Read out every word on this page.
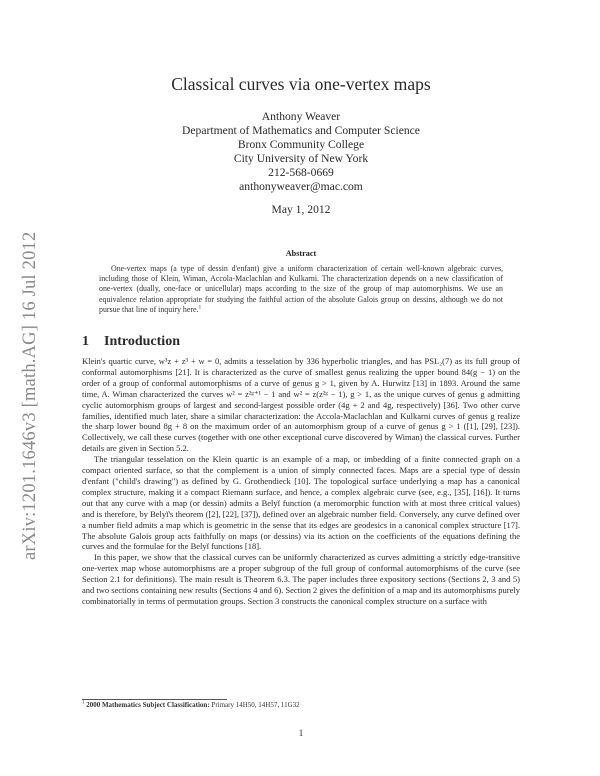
arXiv:1201.1646v3 [math.AG] 16 Jul 2012
Classical curves via one-vertex maps
Anthony Weaver
Department of Mathematics and Computer Science
Bronx Community College
City University of New York
212-568-0669
anthonyweaver@mac.com
May 1, 2012
Abstract

One-vertex maps (a type of dessin d'enfant) give a uniform characterization of certain well-known algebraic curves, including those of Klein, Wiman, Accola-Maclachlan and Kulkarni. The characterization depends on a new classification of one-vertex (dually, one-face or unicellular) maps according to the size of the group of map automorphisms. We use an equivalence relation appropriate for studying the faithful action of the absolute Galois group on dessins, although we do not pursue that line of inquiry here.$^1$

1 Introduction

Klein's quartic curve, w³z + z³ + w = 0, admits a tesselation by 336 hyperbolic triangles, and has PSL₂(7) as its full group of conformal automorphisms [21]. It is characterized as the curve of smallest genus realizing the upper bound 84(g − 1) on the order of a group of conformal automorphisms of a curve of genus g > 1, given by A. Hurwitz [13] in 1893. Around the same time, A. Wiman characterized the curves w² = z²ᵍ⁺¹ − 1 and w² = z(z²ᵍ − 1), g > 1, as the unique curves of genus g admitting cyclic automorphism groups of largest and second-largest possible order (4g + 2 and 4g, respectively) [36]. Two other curve families, identified much later, share a similar characterization: the Accola-Maclachlan and Kulkarni curves of genus g realize the sharp lower bound 8g + 8 on the maximum order of an automorphism group of a curve of genus g > 1 ([1], [29], [23]). Collectively, we call these curves (together with one other exceptional curve discovered by Wiman) the classical curves. Further details are given in Section 5.2.

The triangular tesselation on the Klein quartic is an example of a map, or imbedding of a finite connected graph on a compact oriented surface, so that the complement is a union of simply connected faces. Maps are a special type of dessin d'enfant ("child's drawing") as defined by G. Grothendieck [10]. The topological surface underlying a map has a canonical complex structure, making it a compact Riemann surface, and hence, a complex algebraic curve (see, e.g., [35], [16]). It turns out that any curve with a map (or dessin) admits a Belyĭ function (a meromorphic function with at most three critical values) and is therefore, by Belyĭ's theorem ([2], [22], [37]), defined over an algebraic number field. Conversely, any curve defined over a number field admits a map which is geometric in the sense that its edges are geodesics in a canonical complex structure [17]. The absolute Galois group acts faithfully on maps (or dessins) via its action on the coefficients of the equations defining the curves and the formulae for the Belyĭ functions [18].

In this paper, we show that the classical curves can be uniformly characterized as curves admitting a strictly edge-transitive one-vertex map whose automorphisms are a proper subgroup of the full group of conformal automorphisms of the curve (see Section 2.1 for definitions). The main result is Theorem 6.3. The paper includes three expository sections (Sections 2, 3 and 5) and two sections containing new results (Sections 4 and 6). Section 2 gives the definition of a map and its automorphisms purely combinatorially in terms of permutation groups. Section 3 constructs the canonical complex structure on a surface with

$^1$ 2000 Mathematics Subject Classification: Primary 14H50, 14H57, 11G32
1
